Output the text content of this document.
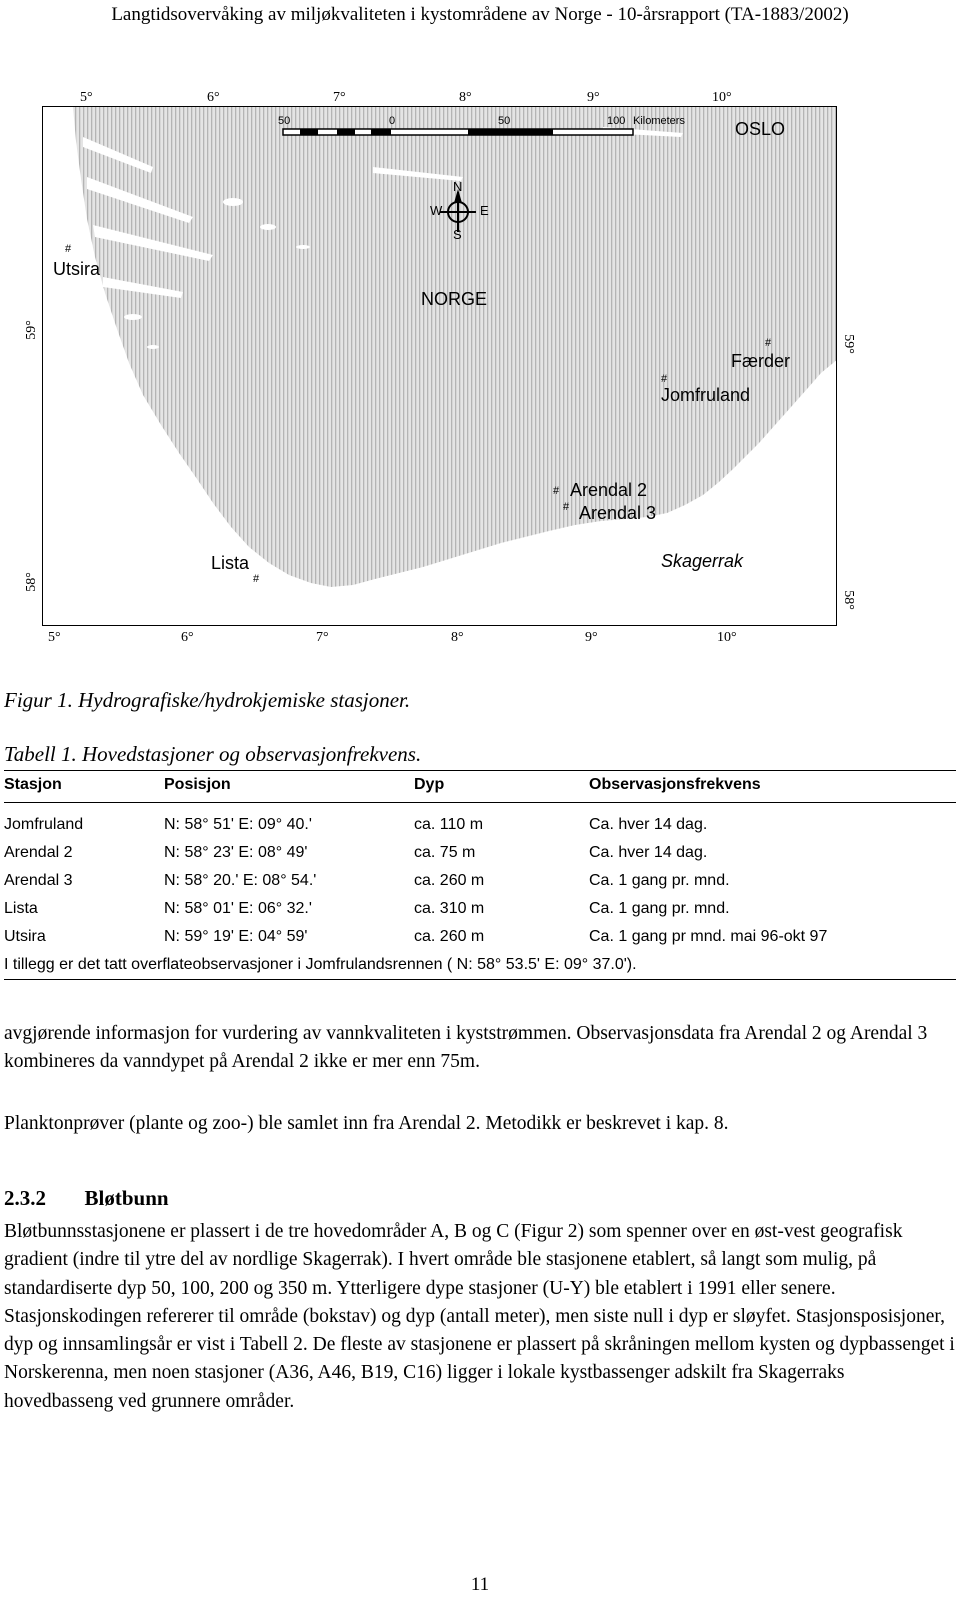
Langtidsovervåking av miljøkvaliteten i kystområdene av Norge - 10-årsrapport (TA-1883/2002)
5°	6°	7°	8°	9°	10°
50	0	50	100 Kilometers
N
S
E
W
OSLO
#
Utsira
NORGE
#
Færder
#
Jomfruland
# Arendal 2
# Arendal 3
Lista
#
Skagerrak
59°
58°
59°
58°
5°	6°	7°	8°	9°	10°
Figur 1. Hydrografiske/hydrokjemiske stasjoner.
Tabell 1. Hovedstasjoner og observasjonfrekvens.
Stasjon	Posisjon	Dyp	Observasjonsfrekvens
Jomfruland	N: 58° 51' E: 09° 40.'	ca. 110 m	Ca. hver 14 dag.
Arendal 2	N: 58° 23' E: 08° 49'	ca. 75 m	Ca. hver 14 dag.
Arendal 3	N: 58° 20.' E: 08° 54.'	ca. 260 m	Ca. 1 gang pr. mnd.
Lista	N: 58° 01' E: 06° 32.'	ca. 310 m	Ca. 1 gang pr. mnd.
Utsira	N: 59° 19' E: 04° 59'	ca. 260 m	Ca. 1 gang pr mnd. mai 96-okt 97
I tillegg er det tatt overflateobservasjoner i Jomfrulandsrennen ( N: 58° 53.5' E: 09° 37.0').			
avgjørende informasjon for vurdering av vannkvaliteten i kyststrømmen. Observasjonsdata fra Arendal 2 og Arendal 3 kombineres da vanndypet på Arendal 2 ikke er mer enn 75m.
Planktonprøver (plante og zoo-) ble samlet inn fra Arendal 2. Metodikk er beskrevet i kap. 8.
2.3.2 Bløtbunn
Bløtbunnsstasjonene er plassert i de tre hovedområder A, B og C (Figur 2) som spenner over en øst-vest geografisk gradient (indre til ytre del av nordlige Skagerrak). I hvert område ble stasjonene etablert, så langt som mulig, på standardiserte dyp 50, 100, 200 og 350 m. Ytterligere dype stasjoner (U-Y) ble etablert i 1991 eller senere. Stasjonskodingen refererer til område (bokstav) og dyp (antall meter), men siste null i dyp er sløyfet. Stasjonsposisjoner, dyp og innsamlingsår er vist i Tabell 2. De fleste av stasjonene er plassert på skråningen mellom kysten og dypbassenget i Norskerenna, men noen stasjoner (A36, A46, B19, C16) ligger i lokale kystbassenger adskilt fra Skagerraks hovedbasseng ved grunnere områder.
11
